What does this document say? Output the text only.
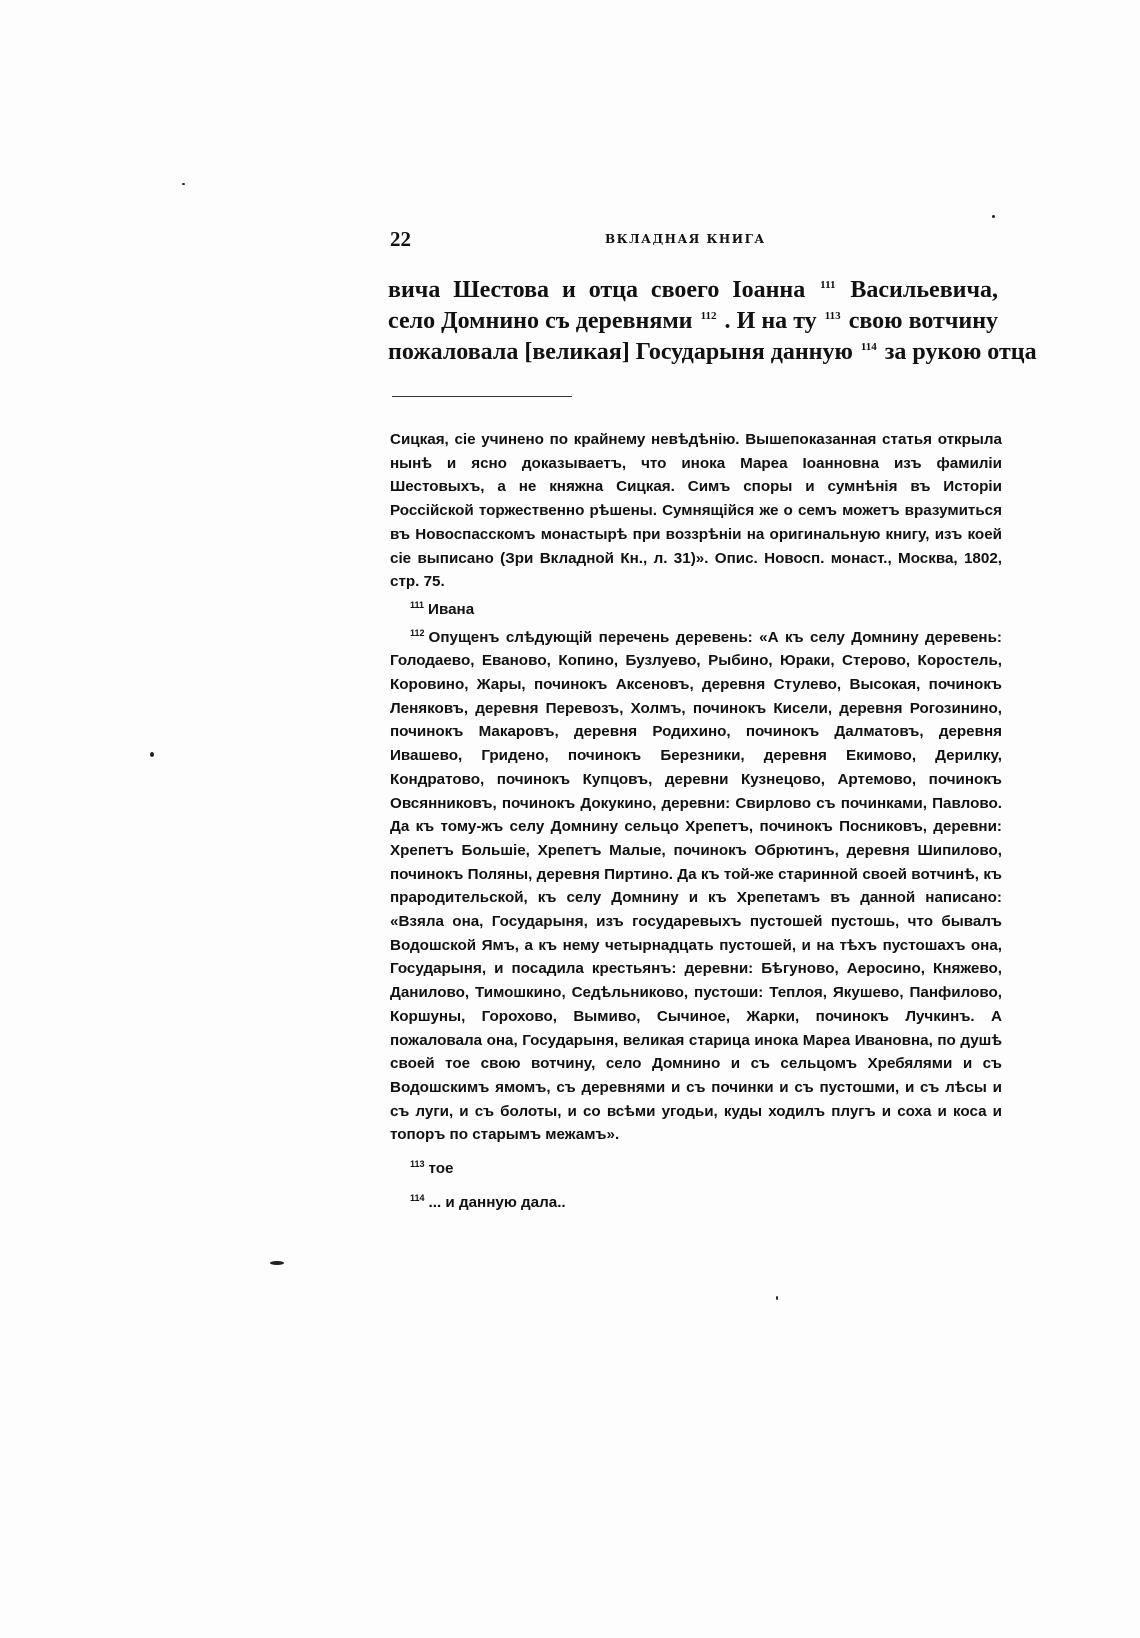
22	ВКЛАДНАЯ КНИГА
вича Шестова и отца своего Іоанна $^{111}$ Васильевича,
село Домнино съ деревнями $^{112}$ . И на ту $^{113}$ свою вотчину
пожаловала [великая] Государыня данную $^{114}$ за рукою отца

Сицкая, сіе учинено по крайнему невѣдѣнію. Вышепоказанная статья открыла нынѣ и ясно доказываетъ, что инока Мареа Іоанновна изъ фамиліи Шестовыхъ, а не княжна Сицкая. Симъ споры и сумнѣнія въ Исторіи Россійской торжественно рѣшены. Сумнящійся же о семъ можетъ вразумиться въ Новоспасскомъ монастырѣ при воззрѣніи на оригинальную книгу, изъ коей сіе выписано (Зри Вкладной Кн., л. 31)». Опис. Новосп. монаст., Москва, 1802, стр. 75.

$^{111}$ Ивана

$^{112}$ Опущенъ слѣдующій перечень деревень: «А къ селу Домнину деревень: Голодаево, Евановo, Копино, Бузлуево, Рыбино, Юраки, Стерово, Коростель, Коровино, Жары, починокъ Аксеновъ, деревня Стулево, Высокая, починокъ Леняковъ, деревня Перевозъ, Холмъ, починокъ Кисели, деревня Рогозинино, починокъ Макаровъ, деревня Родихино, починокъ Далматовъ, деревня Ивашево, Гридено, починокъ Березники, деревня Екимово, Дерилку, Кондратово, починокъ Купцовъ, деревни Кузнецово, Артемово, починокъ Овсянниковъ, починокъ Докукино, деревни: Свирлово съ починками, Павлово. Да къ тому-жъ селу Домнину сельцо Хрепетъ, починокъ Посниковъ, деревни: Хрепетъ Большіе, Хрепетъ Малые, починокъ Обрютинъ, деревня Шипилово, починокъ Поляны, деревня Пиртино. Да къ той-же старинной своей вотчинѣ, къ прародительской, къ селу Домнину и къ Хрепетамъ въ данной написано: «Взяла она, Государыня, изъ государевыхъ пустошей пустошь, что бывалъ Водошской Ямъ, а къ нему четырнадцать пустошей, и на тѣхъ пустошахъ она, Государыня, и посадила крестьянъ: деревни: Бѣгуново, Аеросино, Княжево, Данилово, Тимошкино, Седѣльниково, пустоши: Теплоя, Якушево, Панфилово, Коршуны, Горохово, Вымиво, Сычиное, Жарки, починокъ Лучкинъ. А пожаловала она, Государыня, великая старица инока Мареа Ивановна, по душѣ своей тое свою вотчину, село Домнино и съ сельцомъ Хребялями и съ Водошскимъ ямомъ, съ деревнями и съ починки и съ пустошми, и съ лѣсы и съ луги, и съ болоты, и со всѣми угодьи, куды ходилъ плугъ и соха и коса и топоръ по старымъ межамъ».

$^{113}$ тое

$^{114}$ ... и данную дала..
